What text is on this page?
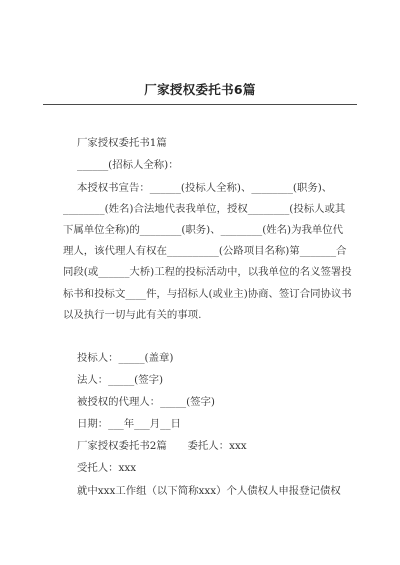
厂家授权委托书6篇
厂家授权委托书1篇
______(招标人全称)：
本授权书宣告：______(投标人全称)、________(职务)、
________(姓名)合法地代表我单位，授权________(投标人或其
下属单位全称)的________(职务)、________(姓名)为我单位代
理人，该代理人有权在__________(公路项目名称)第_______合
同段(或______大桥)工程的投标活动中，以我单位的名义签署投
标书和投标文____件，与招标人(或业主)协商、签订合同协议书
以及执行一切与此有关的事项.
投标人：_____(盖章)
法人：_____(签字)
被授权的代理人：_____(签字)
日期：___年___月__日
厂家授权委托书2篇　　委托人：xxx
受托人：xxx
就中xxx工作组（以下简称xxx）个人债权人申报登记债权
